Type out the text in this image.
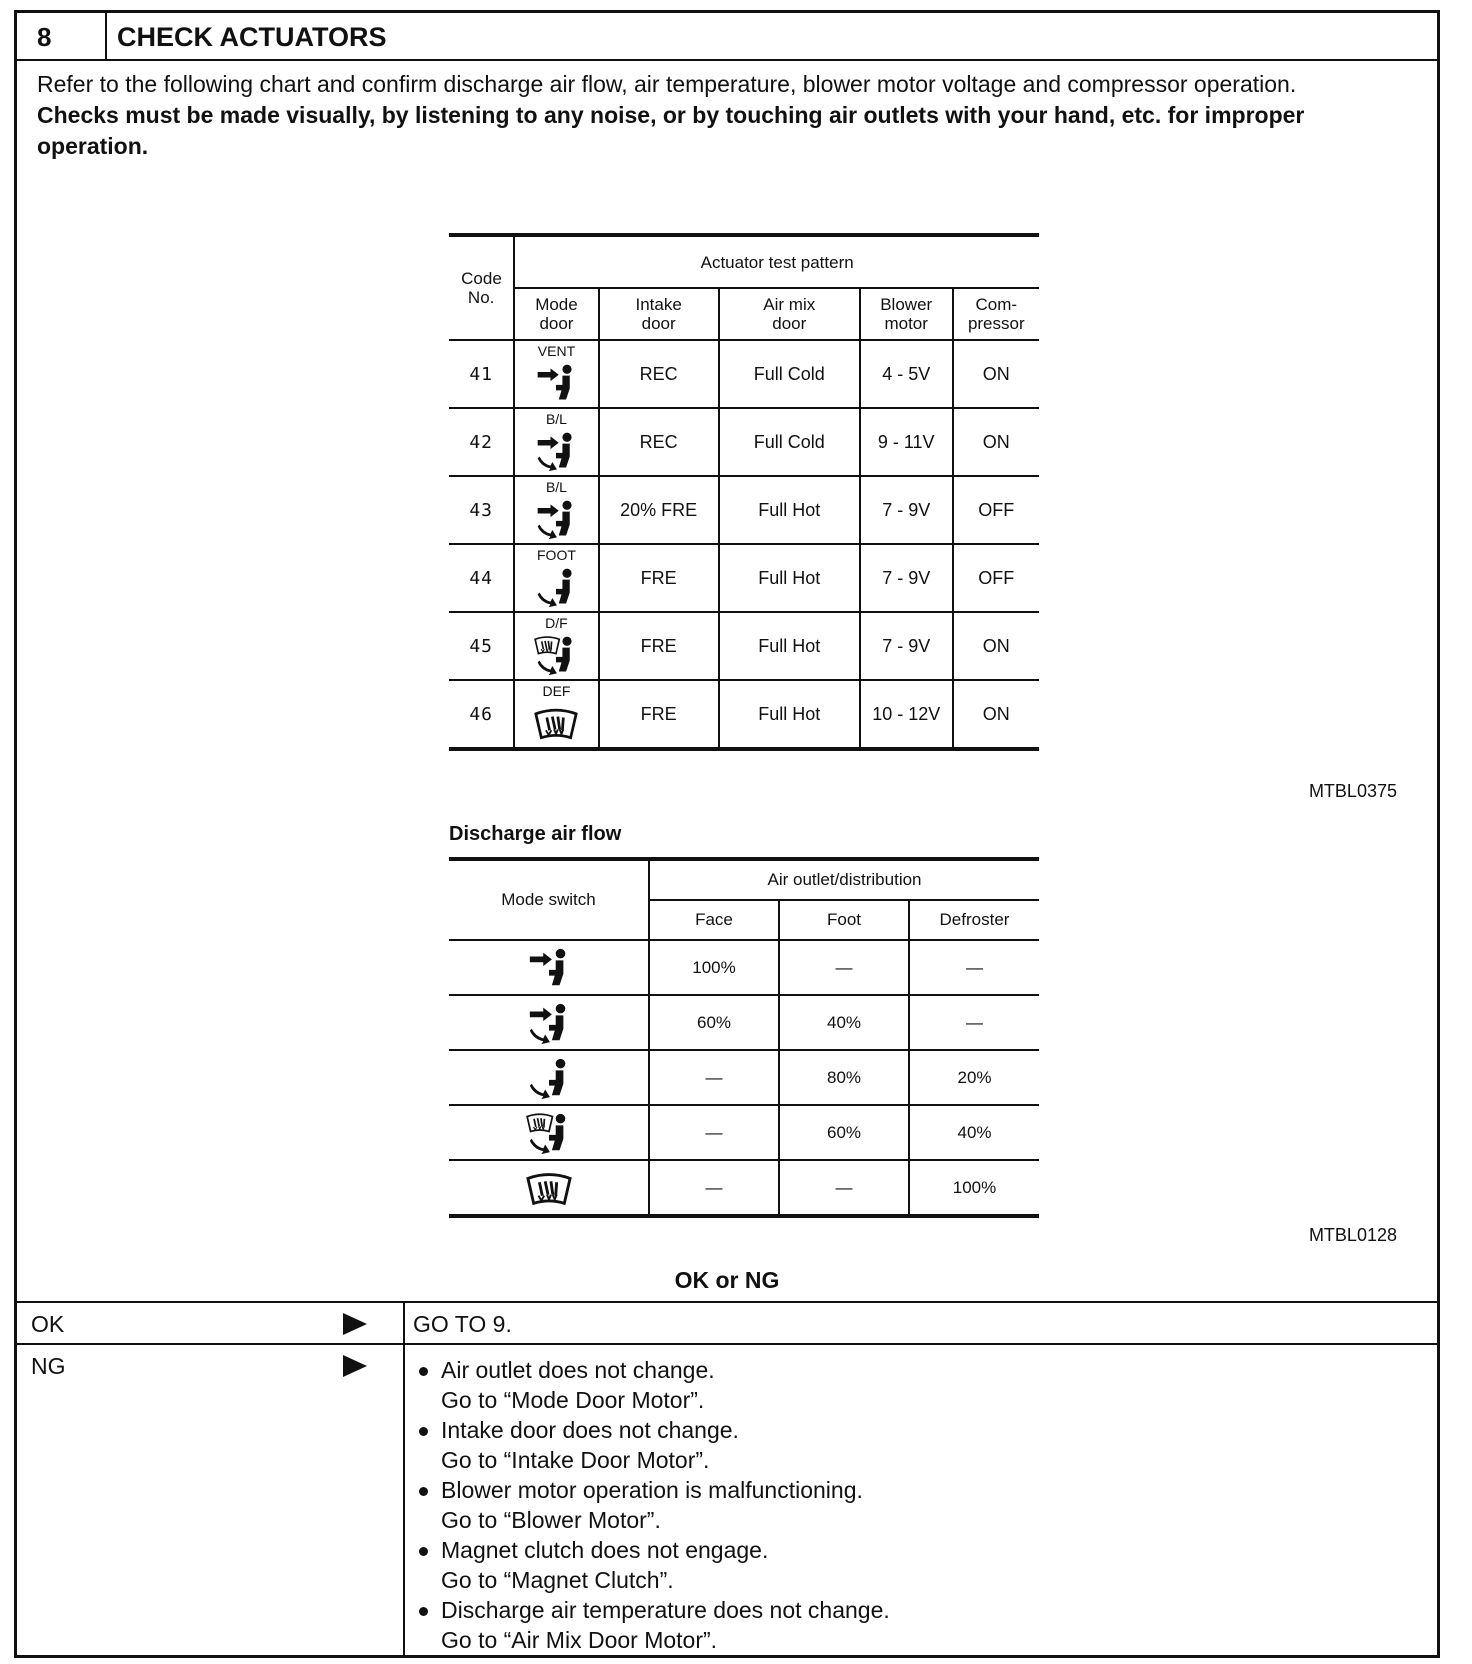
8	CHECK ACTUATORS

Refer to the following chart and confirm discharge air flow, air temperature, blower motor voltage and compressor operation.

Checks must be made visually, by listening to any noise, or by touching air outlets with your hand, etc. for improper operation.

Code No.	Actuator test pattern				
	Mode door	Intake door	Air mix door	Blower motor	Com-pressor
41	VENT	REC	Full Cold	4 - 5V	ON
42	B/L	REC	Full Cold	9 - 11V	ON
43	B/L	20% FRE	Full Hot	7 - 9V	OFF
44	FOOT	FRE	Full Hot	7 - 9V	OFF
45	D/F	FRE	Full Hot	7 - 9V	ON
46	DEF	FRE	Full Hot	10 - 12V	ON
MTBL0375
Discharge air flow
Mode switch	Air outlet/distribution		
	Face	Foot	Defroster

	100%	—	—

	60%	40%	—

	—	80%	20%

	—	60%	40%

	—	—	100%
MTBL0128
OK or NG
OK	GO TO 9.
NG	Air outlet does not change.
Go to “Mode Door Motor”.
Intake door does not change.
Go to “Intake Door Motor”.
Blower motor operation is malfunctioning.
Go to “Blower Motor”.
Magnet clutch does not engage.
Go to “Magnet Clutch”.
Discharge air temperature does not change.
Go to “Air Mix Door Motor”.
